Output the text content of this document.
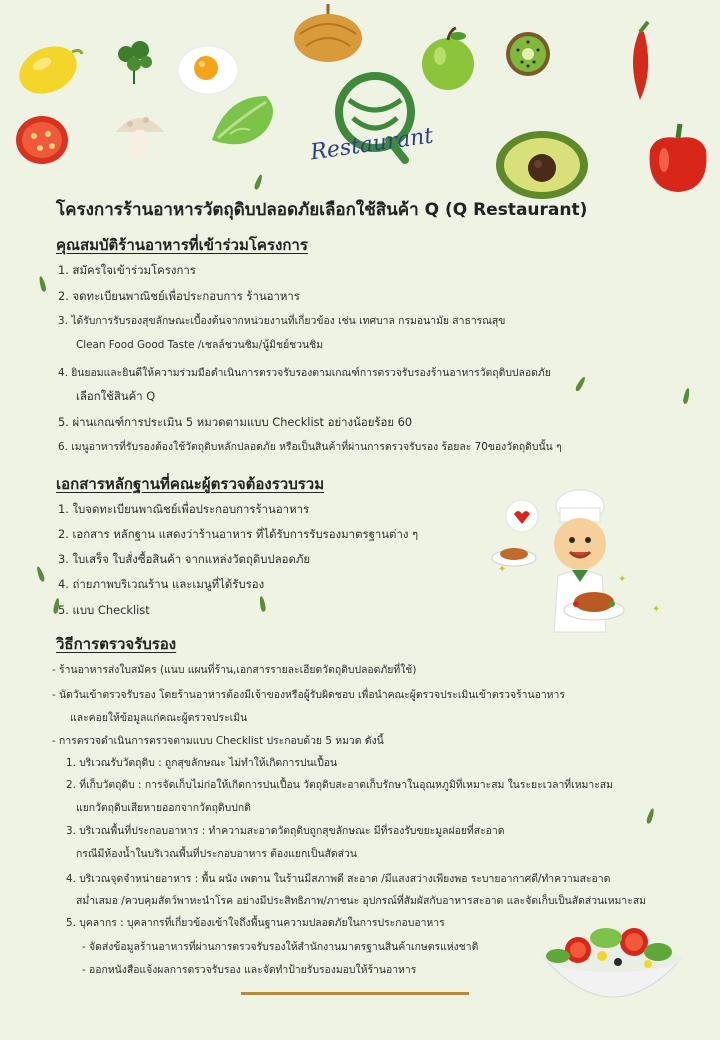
Restaurant
โครงการร้านอาหารวัตถุดิบปลอดภัยเลือกใช้สินค้า Q (Q Restaurant)
คุณสมบัติร้านอาหารที่เข้าร่วมโครงการ
1. สมัครใจเข้าร่วมโครงการ
2. จดทะเบียนพาณิชย์เพื่อประกอบการ ร้านอาหาร
3. ได้รับการรับรองสุขลักษณะเบื้องต้นจากหน่วยงานที่เกี่ยวข้อง เช่น เทศบาล กรมอนามัย สาธารณสุข
Clean Food Good Taste /เชลล์ชวนชิม/นู้มิชย์ชวนชิม
4. ยินยอมและยินดีให้ความร่วมมือดำเนินการตรวจรับรองตามเกณฑ์การตรวจรับรองร้านอาหารวัตถุดิบปลอดภัย
เลือกใช้สินค้า Q
5. ผ่านเกณฑ์การประเมิน 5 หมวดตามแบบ Checklist อย่างน้อยร้อย 60
6. เมนูอาหารที่รับรองต้องใช้วัตถุดิบหลักปลอดภัย หรือเป็นสินค้าที่ผ่านการตรวจรับรอง ร้อยละ 70ของวัตถุดิบนั้น ๆ
เอกสารหลักฐานที่คณะผู้ตรวจต้องรวบรวม
1. ใบจดทะเบียนพาณิชย์เพื่อประกอบการร้านอาหาร
2. เอกสาร หลักฐาน แสดงว่าร้านอาหาร ที่ได้รับการรับรองมาตรฐานต่าง ๆ
3. ใบเสร็จ ใบสั่งซื้อสินค้า จากแหล่งวัตถุดิบปลอดภัย
4. ถ่ายภาพบริเวณร้าน และเมนูที่ได้รับรอง
5. แบบ Checklist
วิธีการตรวจรับรอง
- ร้านอาหารส่งใบสมัคร (แนบ แผนที่ร้าน,เอกสารรายละเอียดวัตถุดิบปลอดภัยที่ใช้)
- นัดวันเข้าตรวจรับรอง โดยร้านอาหารต้องมีเจ้าของหรือผู้รับผิดชอบ เพื่อนำคณะผู้ตรวจประเมินเข้าตรวจร้านอาหาร
และคอยให้ข้อมูลแก่คณะผู้ตรวจประเมิน
- การตรวจดำเนินการตรวจตามแบบ Checklist ประกอบด้วย 5 หมวด ดังนี้
1. บริเวณรับวัตถุดิบ : ถูกสุขลักษณะ ไม่ทำให้เกิดการปนเปื้อน
2. ที่เก็บวัตถุดิบ : การจัดเก็บไม่ก่อให้เกิดการปนเปื้อน วัตถุดิบสะอาดเก็บรักษาในอุณหภูมิที่เหมาะสม ในระยะเวลาที่เหมาะสม
แยกวัตถุดิบเสียหายออกจากวัตถุดิบปกติ
3. บริเวณพื้นที่ประกอบอาหาร : ทำความสะอาดวัตถุดิบถูกสุขลักษณะ มีที่รองรับขยะมูลฝอยที่สะอาด
กรณีมีห้องน้ำในบริเวณพื้นที่ประกอบอาหาร ต้องแยกเป็นสัดส่วน
4. บริเวณจุดจำหน่ายอาหาร : พื้น ผนัง เพดาน ในร้านมีสภาพดี สะอาด /มีแสงสว่างเพียงพอ ระบายอากาศดี/ทำความสะอาด
สม่ำเสมอ /ควบคุมสัตว์พาหะนำโรค อย่างมีประสิทธิภาพ/ภาชนะ อุปกรณ์ที่สัมผัสกับอาหารสะอาด และจัดเก็บเป็นสัดส่วนเหมาะสม
5. บุคลากร : บุคลากรที่เกี่ยวข้องเข้าใจถึงพื้นฐานความปลอดภัยในการประกอบอาหาร
- จัดส่งข้อมูลร้านอาหารที่ผ่านการตรวจรับรองให้สำนักงานมาตรฐานสินค้าเกษตรแห่งชาติ
- ออกหนังสือแจ้งผลการตรวจรับรอง และจัดทำป้ายรับรองมอบให้ร้านอาหาร
✦
✦
✦
